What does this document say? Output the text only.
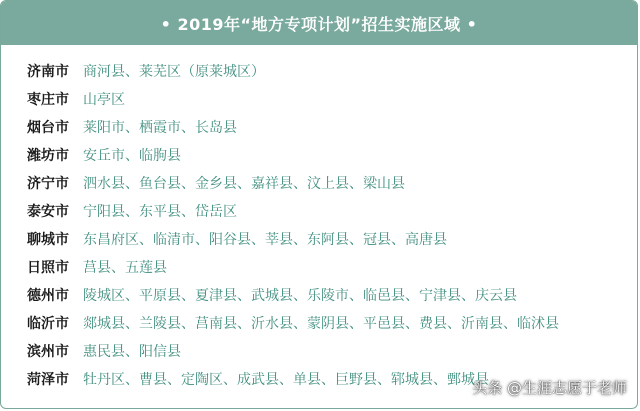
• 2019年“地方专项计划”招生实施区域 •
济南市	商河县、莱芜区（原莱城区）
枣庄市	山亭区
烟台市	莱阳市、栖霞市、长岛县
潍坊市	安丘市、临朐县
济宁市	泗水县、鱼台县、金乡县、嘉祥县、汶上县、梁山县
泰安市	宁阳县、东平县、岱岳区
聊城市	东昌府区、临清市、阳谷县、莘县、东阿县、冠县、高唐县
日照市	莒县、五莲县
德州市	陵城区、平原县、夏津县、武城县、乐陵市、临邑县、宁津县、庆云县
临沂市	郯城县、兰陵县、莒南县、沂水县、蒙阴县、平邑县、费县、沂南县、临沭县
滨州市	惠民县、阳信县
菏泽市	牡丹区、曹县、定陶区、成武县、单县、巨野县、郓城县、鄄城县
头条 @生涯志愿于老师
